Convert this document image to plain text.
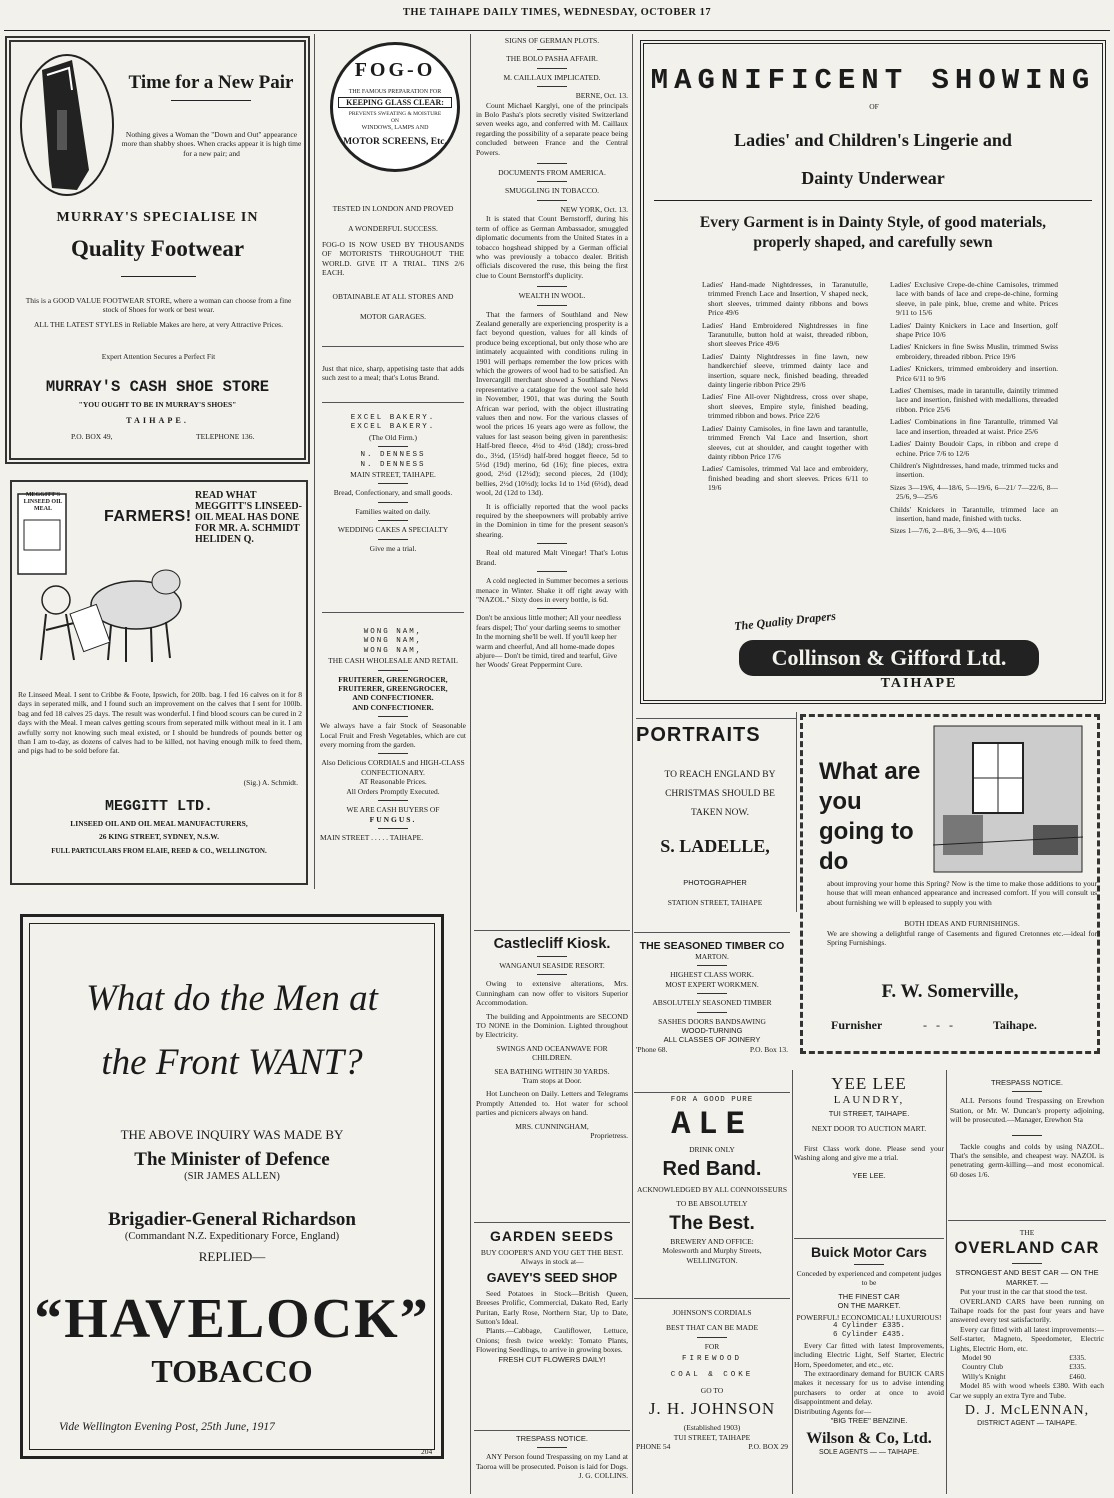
THE TAIHAPE DAILY TIMES, WEDNESDAY, OCTOBER 17
Time for a New Pair
Nothing gives a Woman the "Down and Out" appearance more than shabby shoes. When cracks appear it is high time for a new pair; and
MURRAY'S SPECIALISE IN
Quality Footwear
This is a GOOD VALUE FOOTWEAR STORE, where a woman can choose from a fine stock of Shoes for work or best wear.
ALL THE LATEST STYLES in Reliable Makes are here, at very Attractive Prices.
Expert Attention Secures a Perfect Fit
MURRAY'S CASH SHOE STORE
"YOU OUGHT TO BE IN MURRAY'S SHOES"
TAIHAPE.
P.O. BOX 49,	TELEPHONE 136.
MEGGITT'S LINSEED OIL MEAL	FARMERS!
READ WHAT MEGGITT'S LINSEED-OIL MEAL HAS DONE FOR MR. A. SCHMIDT HELIDEN Q.
Re Linseed Meal. I sent to Cribbe & Foote, Ipswich, for 20lb. bag. I fed 16 calves on it for 8 days in seperated milk, and I found such an improvement on the calves that I sent for 100lb. bag and fed 18 calves 25 days. The result was wonderful. I find blood scours can be cured in 2 days with the Meal. I mean calves getting scours from seperated milk without meal in it. I am awfully sorry not knowing such meal existed, or I should be hundreds of pounds better og than I am to-day, as dozens of calves had to be killed, not having enough milk to feed them, and pigs had to be sold before fat.
(Sig.) A. Schmidt.
MEGGITT LTD.
LINSEED OIL AND OIL MEAL MANUFACTURERS,
26 KING STREET, SYDNEY, N.S.W.
FULL PARTICULARS FROM ELAIE, REED & CO., WELLINGTON.
FOG-O
THE FAMOUS PREPARATION FOR
KEEPING GLASS CLEAR:
PREVENTS SWEATING & MOISTURE ON
WINDOWS, LAMPS AND
MOTOR SCREENS, Etc.
TESTED IN LONDON AND PROVED
A WONDERFUL SUCCESS.
FOG-O IS NOW USED BY THOUSANDS OF MOTORISTS THROUGHOUT THE WORLD. GIVE IT A TRIAL. TINS 2/6 EACH.
OBTAINABLE AT ALL STORES AND
MOTOR GARAGES.
Just that nice, sharp, appetising taste that adds such zest to a meal; that's Lotus Brand.
EXCEL BAKERY.
EXCEL BAKERY.
(The Old Firm.)
N. DENNESS
N. DENNESS
MAIN STREET, TAIHAPE.
Bread, Confectionary, and small goods.
Families waited on daily.
WEDDING CAKES A SPECIALTY
Give me a trial.
WONG NAM,
WONG NAM,
WONG NAM,
THE CASH WHOLESALE AND RETAIL
FRUITERER, GREENGROCER,
FRUITERER, GREENGROCER,
AND CONFECTIONER.
AND CONFECTIONER.
We always have a fair Stock of Seasonable Local Fruit and Fresh Vegetables, which are cut every morning from the garden.
Also Delicious CORDIALS and HIGH-CLASS CONFECTIONARY.
AT Reasonable Prices.
All Orders Promptly Executed.
WE ARE CASH BUYERS OF
FUNGUS.
MAIN STREET . . . . . TAIHAPE.
SIGNS OF GERMAN PLOTS.
THE BOLO PASHA AFFAIR.
M. CAILLAUX IMPLICATED.
BERNE, Oct. 13.
Count Michael Karglyi, one of the principals in Bolo Pasha's plots secretly visited Switzerland seven weeks ago, and conferred with M. Caillaux regarding the possibility of a separate peace being concluded between France and the Central Powers.
DOCUMENTS FROM AMERICA.
SMUGGLING IN TOBACCO.
NEW YORK, Oct. 13.
It is stated that Count Bernstorff, during his term of office as German Ambassador, smuggled diplomatic documents from the United States in a tobacco hogshead shipped by a German official who was previously a tobacco dealer. British officials discovered the ruse, this being the first clue to Count Bernstorff's duplicity.
WEALTH IN WOOL.
That the farmers of Southland and New Zealand generally are experiencing prosperity is a fact beyond question, values for all kinds of produce being exceptional, but only those who are intimately acquainted with conditions ruling in 1901 will perhaps remember the low prices with which the growers of wool had to be satisfied. An Invercargill merchant showed a Southland News representative a catalogue for the wool sale held in November, 1901, that was during the South African war period, with the object illustrating values then and now. For the various classes of wool the prices 16 years ago were as follow, the values for last season being given in parenthesis: Half-bred fleece, 4½d to 4½d (18d); cross-bred do., 3½d, (15½d) half-bred hogget fleece, 5d to 5½d (19d) merino, 6d (16); fine pieces, extra good, 2½d (12½d); second pieces, 2d (10d); bellies, 2½d (10½d); locks 1d to 1½d (6½d), dead wool, 2d (12d to 13d).
It is officially reported that the wool packs required by the sheepowners will probably arrive in the Dominion in time for the present season's shearing.
Real old matured Malt Vinegar! That's Lotus Brand.
A cold neglected in Summer becomes a serious menace in Winter. Shake it off right away with "NAZOL." Sixty does in every bottle, is 6d.
Don't be anxious little mother; All your needless fears dispel; Tho' your darling seems to smother In the morning she'll be well. If you'll keep her warm and cheerful, And all home-made dopes abjure— Don't be timid, tired and tearful, Give her Woods' Great Peppermint Cure.
MAGNIFICENT SHOWING
OF
Ladies' and Children's Lingerie and
Dainty Underwear
Every Garment is in Dainty Style, of good materials,
properly shaped, and carefully sewn
Ladies' Hand-made Nightdresses, in Taranutulle, trimmed French Lace and Insertion, V shaped neck, short sleeves, trimmed dainty ribbons and bows Price 49/6
Ladies' Hand Embroidered Nightdresses in fine Taranutulle, button hold at waist, threaded ribbon, short sleeves Price 49/6
Ladies' Dainty Nightdresses in fine lawn, new handkerchief sleeve, trimmed dainty lace and insertion, square neck, finished beading, threaded dainty lingerie ribbon Price 29/6
Ladies' Fine All-over Nightdress, cross over shape, short sleeves, Empire style, finished beading, trimmed ribbon and bows. Price 22/6
Ladies' Dainty Camisoles, in fine lawn and tarantulle, trimmed French Val Lace and Insertion, short sleeves, cut at shoulder, and caught together with dainty ribbon Price 17/6
Ladies' Camisoles, trimmed Val lace and embroidery, finished beading and short sleeves. Prices 6/11 to 19/6
Ladies' Exclusive Crepe-de-chine Camisoles, trimmed lace with bands of lace and crepe-de-chine, forming sleeve, in pale pink, blue, creme and white. Prices 9/11 to 15/6
Ladies' Dainty Knickers in Lace and Insertion, golf shape Price 10/6
Ladies' Knickers in fine Swiss Muslin, trimmed Swiss embroidery, threaded ribbon. Price 19/6
Ladies' Knickers, trimmed embroidery and insertion. Price 6/11 to 9/6
Ladies' Chemises, made in tarantulle, daintily trimmed lace and insertion, finished with medallions, threaded ribbon. Price 25/6
Ladies' Combinations in fine Tarantulle, trimmed Val lace and insertion, threaded at waist. Price 25/6
Ladies' Dainty Boudoir Caps, in ribbon and crepe d echine. Price 7/6 to 12/6
Children's Nightdresses, hand made, trimmed tucks and insertion.
Sizes 3—19/6, 4—18/6, 5—19/6, 6—21/ 7—22/6, 8—25/6, 9—25/6
Childs' Knickers in Tarantulle, trimmed lace an insertion, hand made, finished with tucks.
Sizes 1—7/6, 2—8/6, 3—9/6, 4—10/6
The Quality Drapers
Collinson & Gifford Ltd.
TAIHAPE
PORTRAITS
TO REACH ENGLAND BY CHRISTMAS SHOULD BE TAKEN NOW.
S. LADELLE,
PHOTOGRAPHER
STATION STREET, TAIHAPE
What are you going to do
about improving your home this Spring? Now is the time to make those additions to your house that will mean enhanced appearance and increased comfort. If you will consult us about furnishing we will b epleased to supply you with
BOTH IDEAS AND FURNISHINGS.
We are showing a delightful range of Casements and figured Cretonnes etc.—ideal for Spring Furnishings.
F. W. Somerville,
Furnisher	-   -   -	Taihape.
What do the Men at
the Front WANT?
THE ABOVE INQUIRY WAS MADE BY
The Minister of Defence
(SIR JAMES ALLEN)
Brigadier-General Richardson
(Commandant N.Z. Expeditionary Force, England)
REPLIED—
“HAVELOCK”
TOBACCO
Vide Wellington Evening Post, 25th June, 1917
204
Castlecliff Kiosk.
WANGANUI SEASIDE RESORT.
Owing to extensive alterations, Mrs. Cunningham can now offer to visitors Superior Accommodation.
The building and Appointments are SECOND TO NONE in the Dominion. Lighted throughout by Electricity.
SWINGS AND OCEANWAVE FOR CHILDREN.
SEA BATHING WITHIN 30 YARDS.
Tram stops at Door.
Hot Luncheon on Daily. Letters and Telegrams Promptly Attended to. Hot water for school parties and picnicers always on hand.
MRS. CUNNINGHAM,
Proprietress.
GARDEN SEEDS
BUY COOPER'S AND YOU GET THE BEST.
Always in stock at—
GAVEY'S SEED SHOP
Seed Potatoes in Stock—British Queen, Breeses Prolific, Commercial, Dakato Red, Early Puritan, Early Rose, Northern Star, Up to Date, Sutton's Ideal.
Plants.—Cabbage, Cauliflower, Lettuce, Onions; fresh twice weekly: Tomato Plants, Flowering Seedlings, to arrive in growing boxes.
FRESH CUT FLOWERS DAILY!
TRESPASS NOTICE.
ANY Person found Trespassing on my Land at Taoroa will be prosecuted. Poison is laid for Dogs.
J. G. COLLINS.
THE SEASONED TIMBER CO
MARTON.
HIGHEST CLASS WORK.
MOST EXPERT WORKMEN.
ABSOLUTELY SEASONED TIMBER
SASHES DOORS BANDSAWING
WOOD-TURNING
ALL CLASSES OF JOINERY
'Phone 68.	P.O. Box 13.
FOR A GOOD PURE
ALE
DRINK ONLY
Red Band.
ACKNOWLEDGED BY ALL CONNOISSEURS TO BE ABSOLUTELY
The Best.
BREWERY AND OFFICE:
Molesworth and Murphy Streets,
WELLINGTON.
JOHNSON'S CORDIALS
BEST THAT CAN BE MADE
FOR
FIREWOOD
COAL & COKE
GO TO
J. H. JOHNSON
(Established 1903)
TUI STREET, TAIHAPE
PHONE 54	P.O. BOX 29
YEE LEE
LAUNDRY,
TUI STREET, TAIHAPE.
NEXT DOOR TO AUCTION MART.
First Class work done. Please send your Washing along and give me a trial.
YEE LEE.
Buick Motor Cars
Conceded by experienced and competent judges to be
THE FINEST CAR
ON THE MARKET.
POWERFUL! ECONOMICAL! LUXURIOUS!
4 Cylinder £335.
6 Cylinder £435.
Every Car fitted with latest Improvements, including Electric Light, Self Starter, Electric Horn, Speedometer, and etc., etc.
The extraordinary demand for BUICK CARS makes it necessary for us to advise intending purchasers to order at once to avoid disappointment and delay.
Distributing Agents for—
"BIG TREE" BENZINE.
Wilson & Co, Ltd.
SOLE AGENTS — — TAIHAPE.
TRESPASS NOTICE.
ALL Persons found Trespassing on Erewhon Station, or Mr. W. Duncan's property adjoining, will be prosecuted.—Manager, Erewhon Sta
Tackle coughs and colds by using NAZOL. That's the sensible, and cheapest way. NAZOL is penetrating germ-killing—and most economical. 60 doses 1/6.
THE
OVERLAND CAR
STRONGEST AND BEST CAR — ON THE MARKET. —
Put your trust in the car that stood the test.
OVERLAND CARS have been running on Taihape roads for the past four years and have answered every test satisfactorily.
Every car fitted with all latest improvements:— Self-starter, Magneto, Speedometer, Electric Lights, Electric Horn, etc.
Model 90	£335.
Country Club	£335.
Willy's Knight	£460.
Model 85 with wood wheels £380. With each Car we supply an extra Tyre and Tube.
D. J. McLENNAN,
DISTRICT AGENT — TAIHAPE.
